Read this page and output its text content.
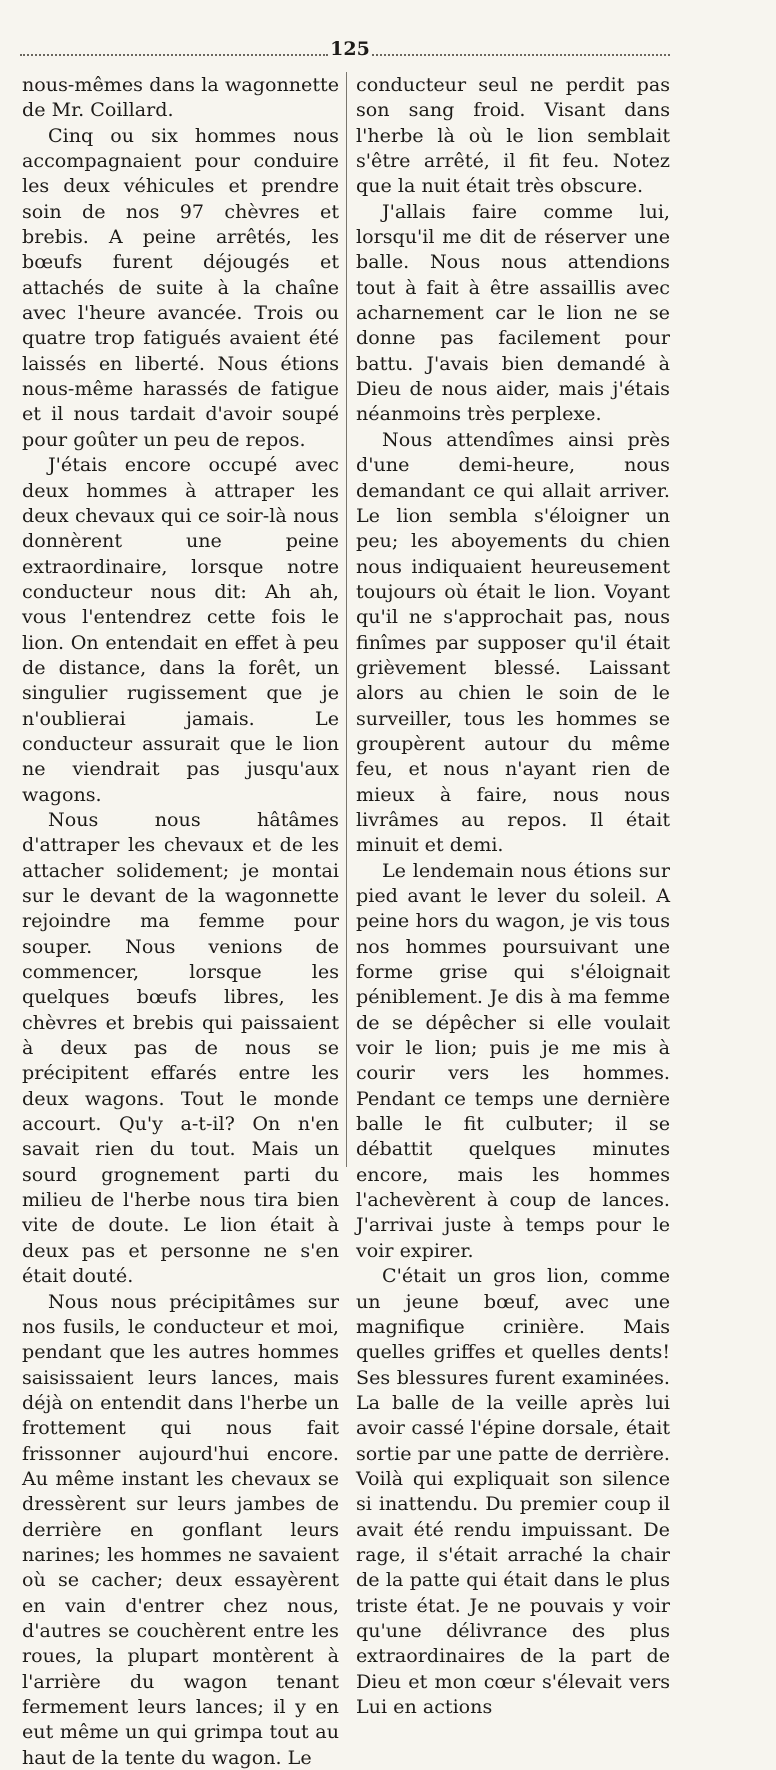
125

nous-mêmes dans la wagonnette de Mr. Coillard.

Cinq ou six hommes nous accompagnaient pour conduire les deux véhicules et prendre soin de nos 97 chèvres et brebis. A peine arrêtés, les bœufs furent déjougés et attachés de suite à la chaîne avec l'heure avancée. Trois ou quatre trop fatigués avaient été laissés en liberté. Nous étions nous-même harassés de fatigue et il nous tardait d'avoir soupé pour goûter un peu de repos.

J'étais encore occupé avec deux hommes à attraper les deux chevaux qui ce soir-là nous donnèrent une peine extraordinaire, lorsque notre conducteur nous dit: Ah ah, vous l'entendrez cette fois le lion. On entendait en effet à peu de distance, dans la forêt, un singulier rugissement que je n'oublierai jamais. Le conducteur assurait que le lion ne viendrait pas jusqu'aux wagons.

Nous nous hâtâmes d'attraper les chevaux et de les attacher solidement; je montai sur le devant de la wagonnette rejoindre ma femme pour souper. Nous venions de commencer, lorsque les quelques bœufs libres, les chèvres et brebis qui paissaient à deux pas de nous se précipitent effarés entre les deux wagons. Tout le monde accourt. Qu'y a-t-il? On n'en savait rien du tout. Mais un sourd grognement parti du milieu de l'herbe nous tira bien vite de doute. Le lion était à deux pas et personne ne s'en était douté.

Nous nous précipitâmes sur nos fusils, le conducteur et moi, pendant que les autres hommes saisissaient leurs lances, mais déjà on entendit dans l'herbe un frottement qui nous fait frissonner aujourd'hui encore. Au même instant les chevaux se dressèrent sur leurs jambes de derrière en gonflant leurs narines; les hommes ne savaient où se cacher; deux essayèrent en vain d'entrer chez nous, d'autres se couchèrent entre les roues, la plupart montèrent à l'arrière du wagon tenant fermement leurs lances; il y en eut même un qui grimpa tout au haut de la tente du wagon. Le

conducteur seul ne perdit pas son sang froid. Visant dans l'herbe là où le lion semblait s'être arrêté, il fit feu. Notez que la nuit était très obscure.

J'allais faire comme lui, lorsqu'il me dit de réserver une balle. Nous nous attendions tout à fait à être assaillis avec acharnement car le lion ne se donne pas facilement pour battu. J'avais bien demandé à Dieu de nous aider, mais j'étais néanmoins très perplexe.

Nous attendîmes ainsi près d'une demi-heure, nous demandant ce qui allait arriver. Le lion sembla s'éloigner un peu; les aboyements du chien nous indiquaient heureusement toujours où était le lion. Voyant qu'il ne s'approchait pas, nous finîmes par supposer qu'il était grièvement blessé. Laissant alors au chien le soin de le surveiller, tous les hommes se groupèrent autour du même feu, et nous n'ayant rien de mieux à faire, nous nous livrâmes au repos. Il était minuit et demi.

Le lendemain nous étions sur pied avant le lever du soleil. A peine hors du wagon, je vis tous nos hommes poursuivant une forme grise qui s'éloignait péniblement. Je dis à ma femme de se dépêcher si elle voulait voir le lion; puis je me mis à courir vers les hommes. Pendant ce temps une dernière balle le fit culbuter; il se débattit quelques minutes encore, mais les hommes l'achevèrent à coup de lances. J'arrivai juste à temps pour le voir expirer.

C'était un gros lion, comme un jeune bœuf, avec une magnifique crinière. Mais quelles griffes et quelles dents! Ses blessures furent examinées. La balle de la veille après lui avoir cassé l'épine dorsale, était sortie par une patte de derrière. Voilà qui expliquait son silence si inattendu. Du premier coup il avait été rendu impuissant. De rage, il s'était arraché la chair de la patte qui était dans le plus triste état. Je ne pouvais y voir qu'une délivrance des plus extraordinaires de la part de Dieu et mon cœur s'élevait vers Lui en actions
